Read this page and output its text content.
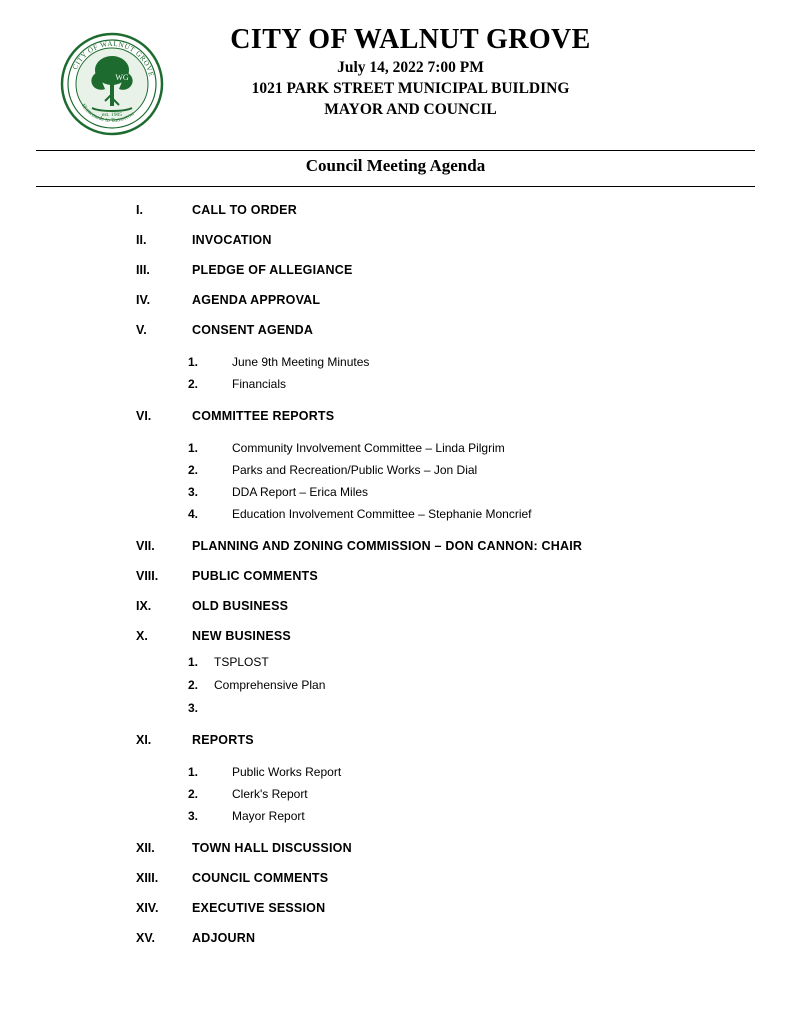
CITY OF WALNUT GROVE
Homemade to Tomorrow
est. 1905
WG
CITY OF WALNUT GROVE
July 14, 2022 7:00 PM
1021 PARK STREET MUNICIPAL BUILDING
MAYOR AND COUNCIL
Council Meeting Agenda
I.	CALL TO ORDER
II.	INVOCATION
III.	PLEDGE OF ALLEGIANCE
IV.	AGENDA APPROVAL
V.	CONSENT AGENDA
1.	June 9th Meeting Minutes
2.	Financials
VI.	COMMITTEE REPORTS
1.	Community Involvement Committee – Linda Pilgrim
2.	Parks and Recreation/Public Works – Jon Dial
3.	DDA Report – Erica Miles
4.	Education Involvement Committee – Stephanie Moncrief
VII.	PLANNING AND ZONING COMMISSION – DON CANNON: CHAIR
VIII.	PUBLIC COMMENTS
IX.	OLD BUSINESS
X.	NEW BUSINESS
1.	TSPLOST
2.	Comprehensive Plan
3.
XI.	REPORTS
1.	Public Works Report
2.	Clerk's Report
3.	Mayor Report
XII.	TOWN HALL DISCUSSION
XIII.	COUNCIL COMMENTS
XIV.	EXECUTIVE SESSION
XV.	ADJOURN
